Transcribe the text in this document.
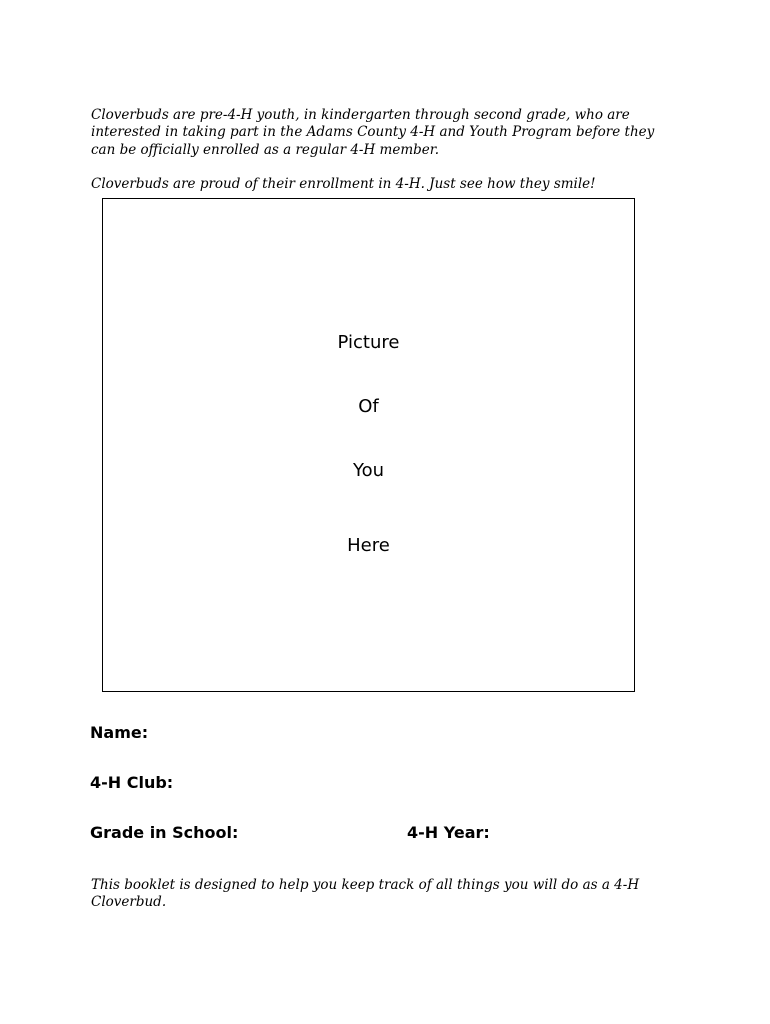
Cloverbuds are pre-4-H youth, in kindergarten through second grade, who are interested in taking part in the Adams County 4-H and Youth Program before they can be officially enrolled as a regular 4-H member.

Cloverbuds are proud of their enrollment in 4-H. Just see how they smile!

Picture
Of
You
Here
Name:
4-H Club:
Grade in School:	4-H Year:

This booklet is designed to help you keep track of all things you will do as a 4-H Cloverbud.
